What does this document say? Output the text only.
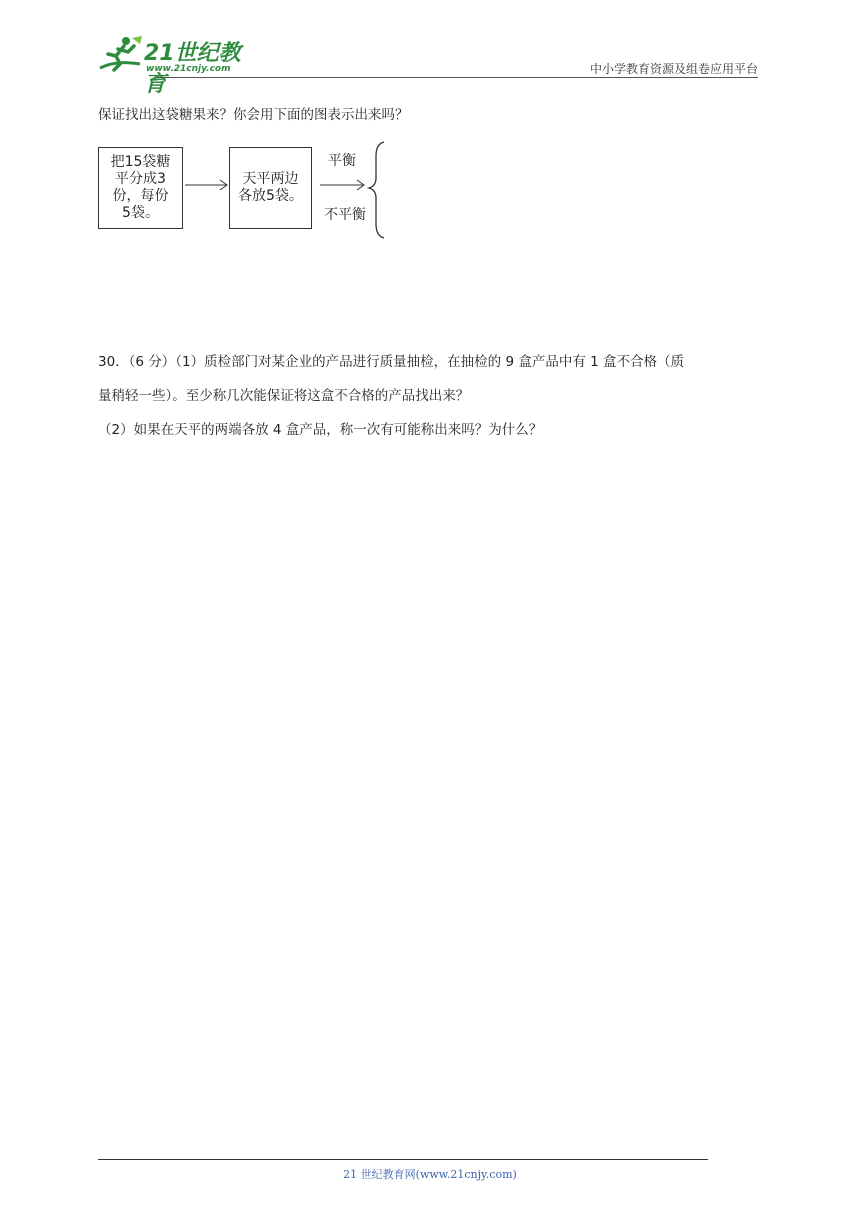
21世纪教育
www.21cnjy.com	中小学教育资源及组卷应用平台
保证找出这袋糖果来？你会用下面的图表示出来吗？
把15袋糖
平分成3
份，每份
5袋。
天平两边
各放5袋。
平衡
不平衡
30．（6 分）（1）质检部门对某企业的产品进行质量抽检，在抽检的 9 盒产品中有 1 盒不合格（质
量稍轻一些）。至少称几次能保证将这盒不合格的产品找出来？
（2）如果在天平的两端各放 4 盒产品，称一次有可能称出来吗？为什么？
21 世纪教育网(www.21cnjy.com)
